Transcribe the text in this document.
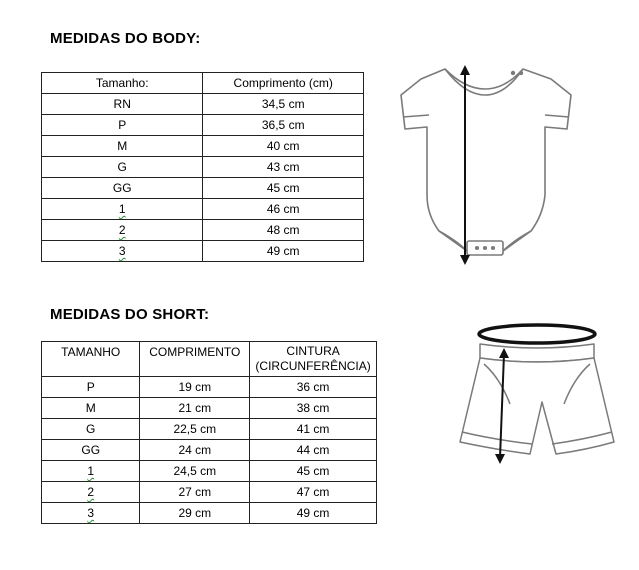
MEDIDAS DO BODY:
Tamanho:	Comprimento (cm)
RN	34,5 cm
P	36,5 cm
M	40 cm
G	43 cm
GG	45 cm
1	46 cm
2	48 cm
3	49 cm
MEDIDAS DO SHORT:
TAMANHO	COMPRIMENTO	CINTURA
(CIRCUNFERÊNCIA)

P	19 cm	36 cm
M	21 cm	38 cm
G	22,5 cm	41 cm
GG	24 cm	44 cm
1	24,5 cm	45 cm
2	27 cm	47 cm
3	29 cm	49 cm
